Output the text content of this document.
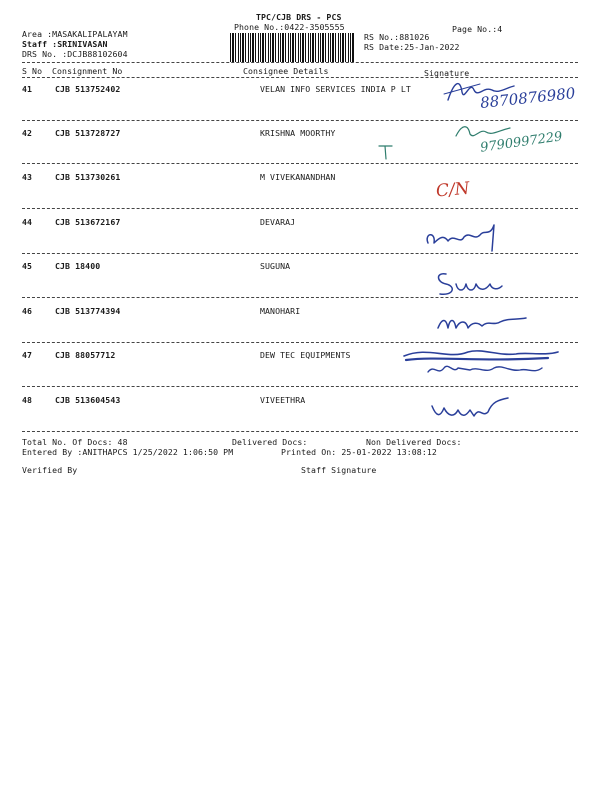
TPC/CJB DRS - PCS
Phone No.:0422-3505555	Page No.:4
Area :MASAKALIPALAYAM
Staff :SRINIVASAN
DRS No. :DCJB88102604
RS No.:881026
RS Date:25-Jan-2022
S No Consignment No	Consignee Details	Signature
41	CJB 513752402	VELAN INFO SERVICES INDIA P LT
42	CJB 513728727	KRISHNA MOORTHY
43	CJB 513730261	M VIVEKANANDHAN
44	CJB 513672167	DEVARAJ
45	CJB 18400	SUGUNA
46	CJB 513774394	MANOHARI
47	CJB 88057712	DEW TEC EQUIPMENTS
48	CJB 513604543	VIVEETHRA
8870876980
9790997229
C/N
Total No. Of Docs: 48	Delivered Docs:	Non Delivered Docs:
Entered By :ANITHAPCS 1/25/2022 1:06:50 PM	Printed On: 25-01-2022 13:08:12
Verified By	Staff Signature
